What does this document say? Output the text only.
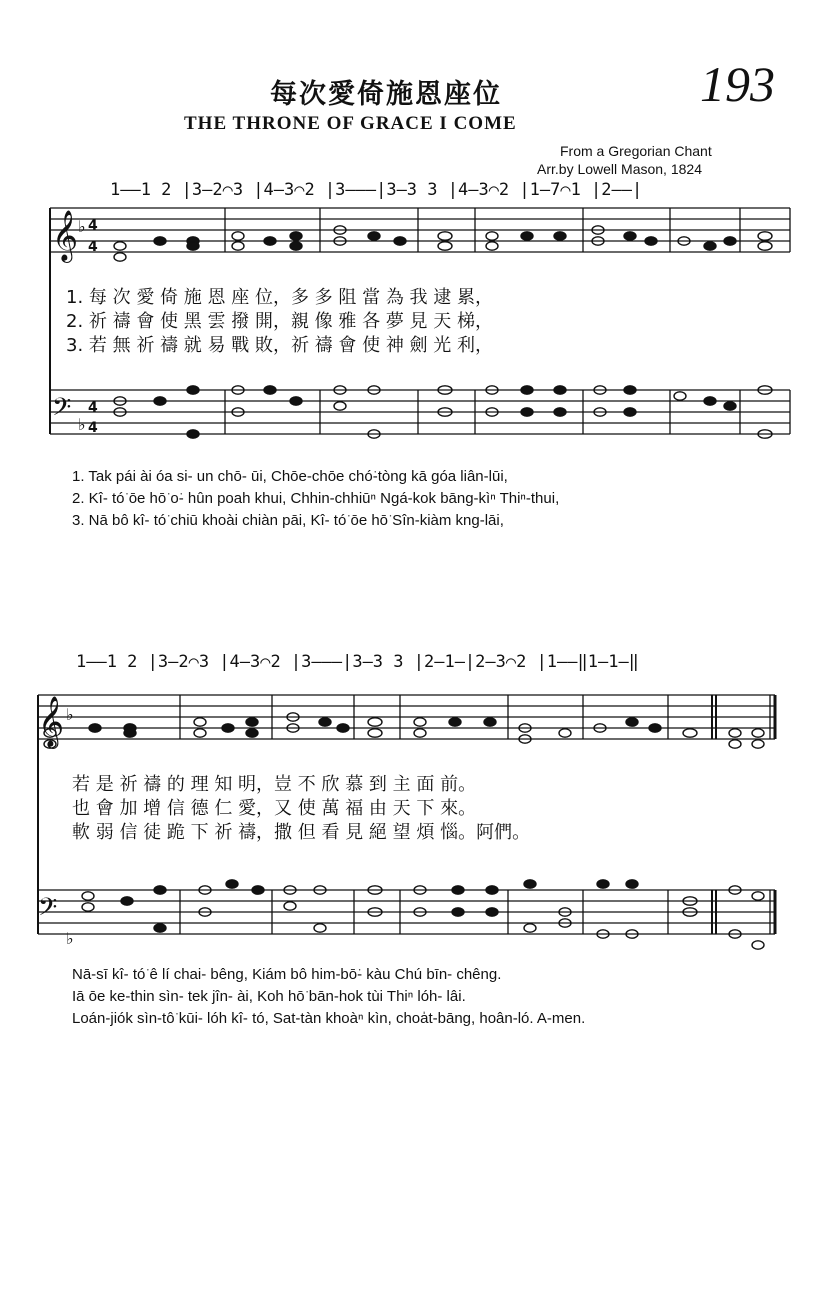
每次愛倚施恩座位
THE THRONE OF GRACE I COME
193
From a Gregorian Chant
Arr.by Lowell Mason, 1824
1——1 2 |3–2⌒3 |4–3⌒2 |3–––|3–3 3 |4–3⌒2 |1–7⌒1 |2––|
1——1 2 |3–2⌒3 |4–3⌒2 |3–––|3–3 3 |2–1–|2–3⌒2 |1––‖1–1–‖
𝄞
𝄢
𝄞
𝄢
♭ 4
4
♭
4
4
♭
♭
1. 每 次 愛 倚 施 恩 座 位，多 多 阻 當 為 我 逮 累，
2. 祈 禱 會 使 黑 雲 撥 開，親 像 雅 各 夢 見 天 梯，
3. 若 無 祈 禱 就 易 戰 敗，祈 禱 會 使 神 劍 光 利，
1. Tak pái ài óa si- un chō- ūi, Chōe-chōe chó͘-tòng kā góa liân-lūi,
2. Kî- tó͘ ōe hō͘ o͘- hûn poah khui, Chhin-chhiūⁿ Ngá-kok bāng-kìⁿ Thiⁿ-thui,
3. Nā bô kî- tó͘ chiū khoài chiàn pāi, Kî- tó͘ ōe hō͘ Sîn-kiàm kng-lāi,
若 是 祈 禱 的 理 知 明，豈 不 欣 慕 到 主 面 前。
也 會 加 增 信 德 仁 愛，又 使 萬 福 由 天 下 來。
軟 弱 信 徒 跪 下 祈 禱，撒 但 看 見 絕 望 煩 惱。阿們。
Nā-sī kî- tó͘ ê lí chai- bêng, Kiám bô him-bō͘- kàu Chú bīn- chêng.
Iā ōe ke-thin sìn- tek jîn- ài, Koh hō͘ bān-hok tùi Thiⁿ lóh- lâi.
Loán-jiók sìn-tô͘ kūi- lóh kî- tó, Sat-tàn khoàⁿ kìn, choa̍t-bāng, hoân-ló. A-men.
